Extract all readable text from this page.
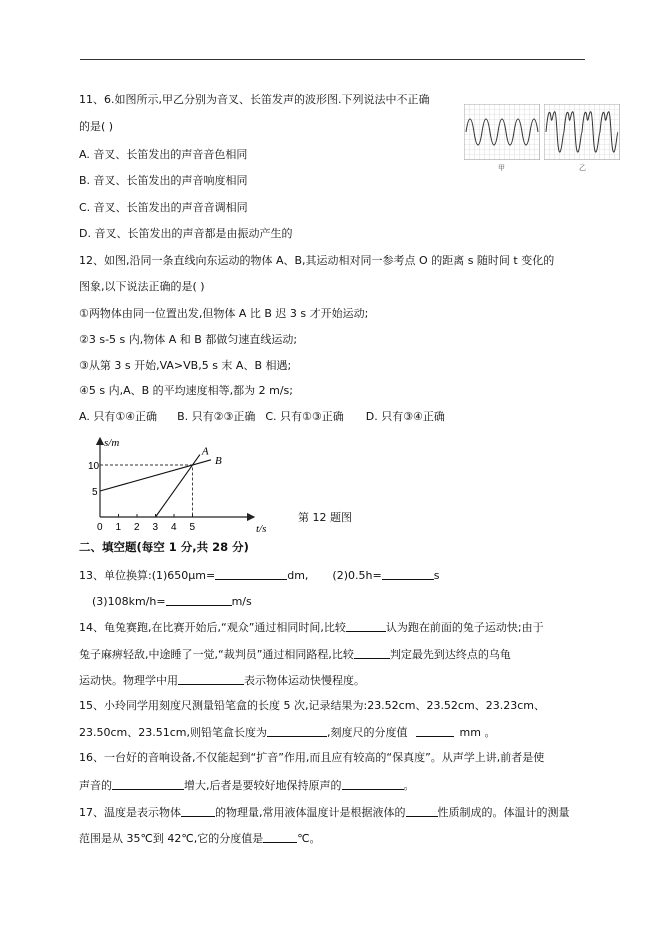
11、6.如图所示,甲乙分别为音叉、长笛发声的波形图.下列说法中不正确
的是( )
A. 音叉、长笛发出的声音音色相同
B. 音叉、长笛发出的声音响度相同
C. 音叉、长笛发出的声音音调相同
D. 音叉、长笛发出的声音都是由振动产生的
甲	乙
12、如图,沿同一条直线向东运动的物体 A、B,其运动相对同一参考点 O 的距离 s 随时间 t 变化的
图象,以下说法正确的是( )
①两物体由同一位置出发,但物体 A 比 B 迟 3 s 才开始运动;
②3 s-5 s 内,物体 A 和 B 都做匀速直线运动;
③从第 3 s 开始,VA>VB,5 s 末 A、B 相遇;
④5 s 内,A、B 的平均速度相等,都为 2 m/s;
A. 只有①④正确 B. 只有②③正确 C. 只有①③正确 D. 只有③④正确
A
B
0 1 2 3 4 5
5
10
s/m
t/s
第 12 题图
二、填空题(每空 1 分,共 28 分)
13、单位换算:(1)650μm=	dm, (2)0.5h=	s
(3)108km/h=	m/s
14、龟兔赛跑,在比赛开始后,“观众”通过相同时间,比较	认为跑在前面的兔子运动快;由于
兔子麻痹轻敌,中途睡了一觉,“裁判员”通过相同路程,比较	判定最先到达终点的乌龟
运动快。物理学中用	表示物体运动快慢程度。
15、小玲同学用刻度尺测量铅笔盒的长度 5 次,记录结果为:23.52cm、23.52cm、23.23cm、
23.50cm、23.51cm,则铅笔盒长度为	,刻度尺的分度值	mm 。
16、一台好的音响设备,不仅能起到“扩音”作用,而且应有较高的“保真度”。从声学上讲,前者是使
声音的	增大,后者是要较好地保持原声的	。
17、温度是表示物体	的物理量,常用液体温度计是根据液体的	性质制成的。体温计的测量
范围是从 35℃到 42℃,它的分度值是	℃。
